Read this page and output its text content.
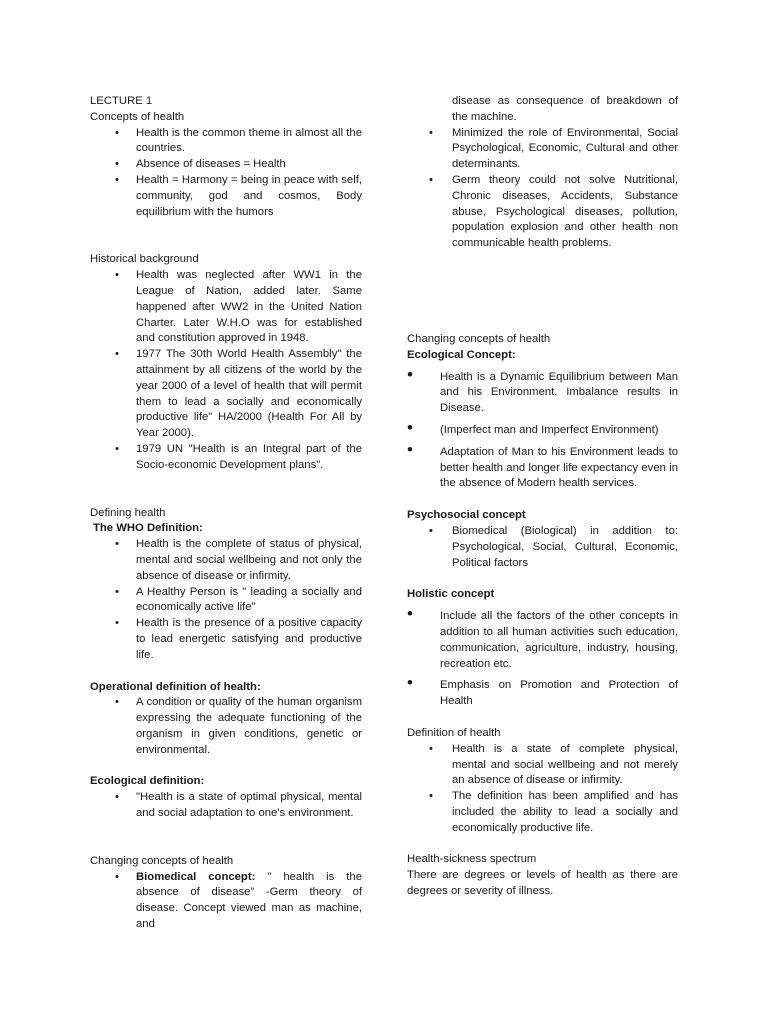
LECTURE 1

Concepts of health

• Health is the common theme in almost all the countries.
• Absence of diseases = Health
• Health = Harmony = being in peace with self, community, god and cosmos, Body equilibrium with the humors

Historical background

• Health was neglected after WW1 in the League of Nation, added later. Same happened after WW2 in the United Nation Charter. Later W.H.O was for established and constitution approved in 1948.
• 1977 The 30th World Health Assembly" the attainment by all citizens of the world by the year 2000 of a level of health that will permit them to lead a socially and economically productive life" HA/2000 (Health For All by Year 2000).
• 1979 UN "Health is an Integral part of the Socio-economic Development plans".

Defining health

The WHO Definition:

• Health is the complete of status of physical, mental and social wellbeing and not only the absence of disease or infirmity.
• A Healthy Person is " leading a socially and economically active life"
• Health is the presence of a positive capacity to lead energetic satisfying and productive life.

Operational definition of health:

• A condition or quality of the human organism expressing the adequate functioning of the organism in given conditions, genetic or environmental.

Ecological definition:

• "Health is a state of optimal physical, mental and social adaptation to one's environment.

Changing concepts of health

• Biomedical concept: " health is the absence of disease” -Germ theory of disease. Concept viewed man as machine, and

disease as consequence of breakdown of the machine.

• Minimized the role of Environmental, Social Psychological, Economic, Cultural and other determinants.
• Germ theory could not solve Nutritional, Chronic diseases, Accidents, Substance abuse, Psychological diseases, pollution, population explosion and other health non communicable health problems.

Changing concepts of health

Ecological Concept:

• Health is a Dynamic Equilibrium between Man and his Environment. Imbalance results in Disease.
• (Imperfect man and Imperfect Environment)
• Adaptation of Man to his Environment leads to better health and longer life expectancy even in the absence of Modern health services.

Psychosocial concept

• Biomedical (Biological) in addition to: Psychological, Social, Cultural, Economic, Political factors

Holistic concept

• Include all the factors of the other concepts in addition to all human activities such education, communication, agriculture, industry, housing, recreation etc.
• Emphasis on Promotion and Protection of Health

Definition of health

• Health is a state of complete physical, mental and social wellbeing and not merely an absence of disease or infirmity.
• The definition has been amplified and has included the ability to lead a socially and economically productive life.

Health-sickness spectrum

There are degrees or levels of health as there are degrees or severity of illness.
